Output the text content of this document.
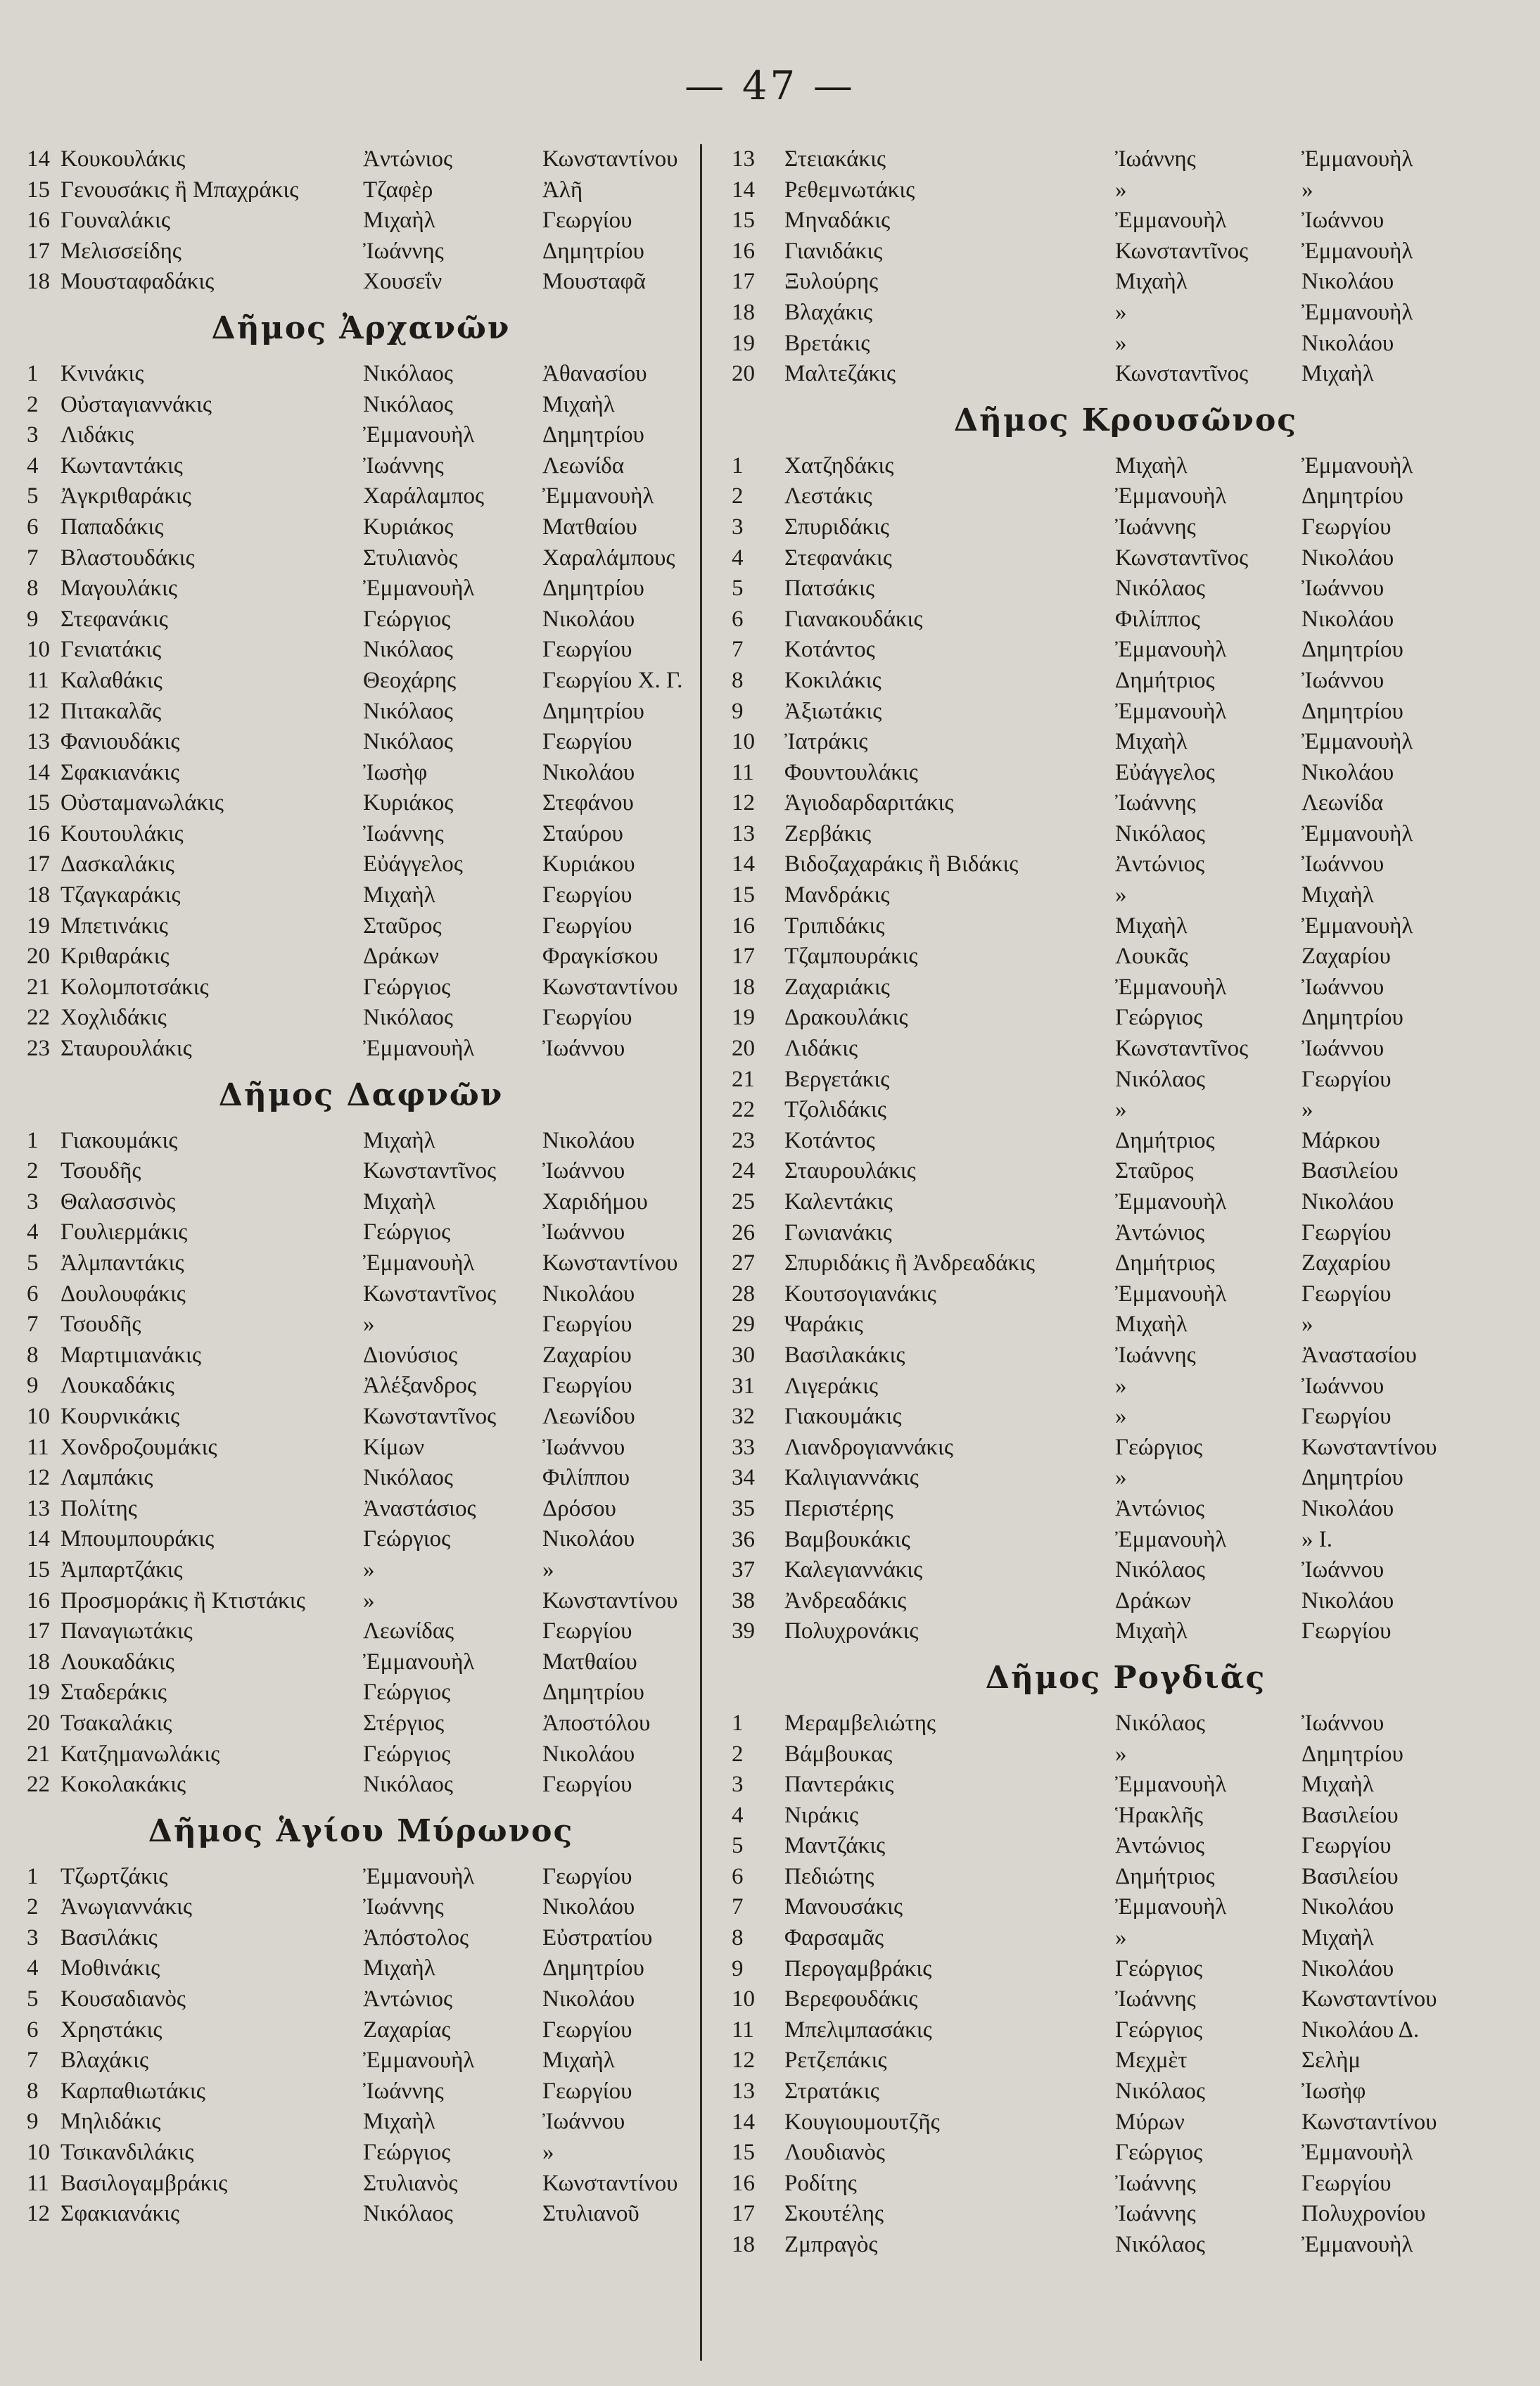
— 47 —
14 Κουκουλάκις	Ἀντώνιος	Κωνσταντίνου
15 Γενουσάκις ἢ Μπαχράκις	Τζαφὲρ	Ἀλῆ
16 Γουναλάκις	Μιχαὴλ	Γεωργίου
17 Μελισσείδης	Ἰωάννης	Δημητρίου
18 Μουσταφαδάκις	Χουσεΐν	Μουσταφᾶ
Δῆμος Ἀρχανῶν
1 Κνινάκις	Νικόλαος	Ἀθανασίου
2 Οὐσταγιαννάκις	Νικόλαος	Μιχαὴλ
3 Λιδάκις	Ἐμμανουὴλ	Δημητρίου
4 Κωνταντάκις	Ἰωάννης	Λεωνίδα
5 Ἀγκριθαράκις	Χαράλαμπος	Ἐμμανουὴλ
6 Παπαδάκις	Κυριάκος	Ματθαίου
7 Βλαστουδάκις	Στυλιανὸς	Χαραλάμπους
8 Μαγουλάκις	Ἐμμανουὴλ	Δημητρίου
9 Στεφανάκις	Γεώργιος	Νικολάου
10 Γενιατάκις	Νικόλαος	Γεωργίου
11 Καλαθάκις	Θεοχάρης	Γεωργίου Χ. Γ.
12 Πιτακαλᾶς	Νικόλαος	Δημητρίου
13 Φανιουδάκις	Νικόλαος	Γεωργίου
14 Σφακιανάκις	Ἰωσὴφ	Νικολάου
15 Οὐσταμανωλάκις	Κυριάκος	Στεφάνου
16 Κουτουλάκις	Ἰωάννης	Σταύρου
17 Δασκαλάκις	Εὐάγγελος	Κυριάκου
18 Τζαγκαράκις	Μιχαὴλ	Γεωργίου
19 Μπετινάκις	Σταῦρος	Γεωργίου
20 Κριθαράκις	Δράκων	Φραγκίσκου
21 Κολομποτσάκις	Γεώργιος	Κωνσταντίνου
22 Χοχλιδάκις	Νικόλαος	Γεωργίου
23 Σταυρουλάκις	Ἐμμανουὴλ	Ἰωάννου
Δῆμος Δαφνῶν
1 Γιακουμάκις	Μιχαὴλ	Νικολάου
2 Τσουδῆς	Κωνσταντῖνος	Ἰωάννου
3 Θαλασσινὸς	Μιχαὴλ	Χαριδήμου
4 Γουλιερμάκις	Γεώργιος	Ἰωάννου
5 Ἀλμπαντάκις	Ἐμμανουὴλ	Κωνσταντίνου
6 Δουλουφάκις	Κωνσταντῖνος	Νικολάου
7 Τσουδῆς	»	Γεωργίου
8 Μαρτιμιανάκις	Διονύσιος	Ζαχαρίου
9 Λουκαδάκις	Ἀλέξανδρος	Γεωργίου
10 Κουρνικάκις	Κωνσταντῖνος	Λεωνίδου
11 Χονδροζουμάκις	Κίμων	Ἰωάννου
12 Λαμπάκις	Νικόλαος	Φιλίππου
13 Πολίτης	Ἀναστάσιος	Δρόσου
14 Μπουμπουράκις	Γεώργιος	Νικολάου
15 Ἀμπαρτζάκις	»	»
16 Προσμοράκις ἢ Κτιστάκις	»	Κωνσταντίνου
17 Παναγιωτάκις	Λεωνίδας	Γεωργίου
18 Λουκαδάκις	Ἐμμανουὴλ	Ματθαίου
19 Σταδεράκις	Γεώργιος	Δημητρίου
20 Τσακαλάκις	Στέργιος	Ἀποστόλου
21 Κατζημανωλάκις	Γεώργιος	Νικολάου
22 Κοκολακάκις	Νικόλαος	Γεωργίου
Δῆμος Ἁγίου Μύρωνος
1 Τζωρτζάκις	Ἐμμανουὴλ	Γεωργίου
2 Ἀνωγιαννάκις	Ἰωάννης	Νικολάου
3 Βασιλάκις	Ἀπόστολος	Εὐστρατίου
4 Μοθινάκις	Μιχαὴλ	Δημητρίου
5 Κουσαδιανὸς	Ἀντώνιος	Νικολάου
6 Χρηστάκις	Ζαχαρίας	Γεωργίου
7 Βλαχάκις	Ἐμμανουὴλ	Μιχαὴλ
8 Καρπαθιωτάκις	Ἰωάννης	Γεωργίου
9 Μηλιδάκις	Μιχαὴλ	Ἰωάννου
10 Τσικανδιλάκις	Γεώργιος	»
11 Βασιλογαμβράκις	Στυλιανὸς	Κωνσταντίνου
12 Σφακιανάκις	Νικόλαος	Στυλιανοῦ
13	Στειακάκις	Ἰωάννης	Ἐμμανουὴλ
14	Ρεθεμνωτάκις	»	»
15	Μηναδάκις	Ἐμμανουὴλ	Ἰωάννου
16	Γιανιδάκις	Κωνσταντῖνος	Ἐμμανουὴλ
17	Ξυλούρης	Μιχαὴλ	Νικολάου
18	Βλαχάκις	»	Ἐμμανουὴλ
19	Βρετάκις	»	Νικολάου
20	Μαλτεζάκις	Κωνσταντῖνος	Μιχαὴλ
Δῆμος Κρουσῶνος
1	Χατζηδάκις	Μιχαὴλ	Ἐμμανουὴλ
2	Λεστάκις	Ἐμμανουὴλ	Δημητρίου
3	Σπυριδάκις	Ἰωάννης	Γεωργίου
4	Στεφανάκις	Κωνσταντῖνος	Νικολάου
5	Πατσάκις	Νικόλαος	Ἰωάννου
6	Γιανακουδάκις	Φιλίππος	Νικολάου
7	Κοτάντος	Ἐμμανουὴλ	Δημητρίου
8	Κοκιλάκις	Δημήτριος	Ἰωάννου
9	Ἀξιωτάκις	Ἐμμανουὴλ	Δημητρίου
10	Ἰατράκις	Μιχαὴλ	Ἐμμανουὴλ
11	Φουντουλάκις	Εὐάγγελος	Νικολάου
12	Ἁγιοδαρδαριτάκις	Ἰωάννης	Λεωνίδα
13	Ζερβάκις	Νικόλαος	Ἐμμανουὴλ
14	Βιδοζαχαράκις ἢ Βιδάκις	Ἀντώνιος	Ἰωάννου
15	Μανδράκις	»	Μιχαὴλ
16	Τριπιδάκις	Μιχαὴλ	Ἐμμανουὴλ
17	Τζαμπουράκις	Λουκᾶς	Ζαχαρίου
18	Ζαχαριάκις	Ἐμμανουὴλ	Ἰωάννου
19	Δρακουλάκις	Γεώργιος	Δημητρίου
20	Λιδάκις	Κωνσταντῖνος	Ἰωάννου
21	Βεργετάκις	Νικόλαος	Γεωργίου
22	Τζολιδάκις	»	»
23	Κοτάντος	Δημήτριος	Μάρκου
24	Σταυρουλάκις	Σταῦρος	Βασιλείου
25	Καλεντάκις	Ἐμμανουὴλ	Νικολάου
26	Γωνιανάκις	Ἀντώνιος	Γεωργίου
27	Σπυριδάκις ἢ Ἀνδρεαδάκις	Δημήτριος	Ζαχαρίου
28	Κουτσογιανάκις	Ἐμμανουὴλ	Γεωργίου
29	Ψαράκις	Μιχαὴλ	»
30	Βασιλακάκις	Ἰωάννης	Ἀναστασίου
31	Λιγεράκις	»	Ἰωάννου
32	Γιακουμάκις	»	Γεωργίου
33	Λιανδρογιαννάκις	Γεώργιος	Κωνσταντίνου
34	Καλιγιαννάκις	»	Δημητρίου
35	Περιστέρης	Ἀντώνιος	Νικολάου
36	Βαμβουκάκις	Ἐμμανουὴλ	» Ι.
37	Καλεγιαννάκις	Νικόλαος	Ἰωάννου
38	Ἀνδρεαδάκις	Δράκων	Νικολάου
39	Πολυχρονάκις	Μιχαὴλ	Γεωργίου
Δῆμος Ρογδιᾶς
1	Μεραμβελιώτης	Νικόλαος	Ἰωάννου
2	Βάμβουκας	»	Δημητρίου
3	Παντεράκις	Ἐμμανουὴλ	Μιχαὴλ
4	Νιράκις	Ἡρακλῆς	Βασιλείου
5	Μαντζάκις	Ἀντώνιος	Γεωργίου
6	Πεδιώτης	Δημήτριος	Βασιλείου
7	Μανουσάκις	Ἐμμανουὴλ	Νικολάου
8	Φαρσαμᾶς	»	Μιχαὴλ
9	Περογαμβράκις	Γεώργιος	Νικολάου
10	Βερεφουδάκις	Ἰωάννης	Κωνσταντίνου
11	Μπελιμπασάκις	Γεώργιος	Νικολάου Δ.
12	Ρετζεπάκις	Μεχμὲτ	Σελὴμ
13	Στρατάκις	Νικόλαος	Ἰωσὴφ
14	Κουγιουμουτζῆς	Μύρων	Κωνσταντίνου
15	Λουδιανὸς	Γεώργιος	Ἐμμανουὴλ
16	Ροδίτης	Ἰωάννης	Γεωργίου
17	Σκουτέλης	Ἰωάννης	Πολυχρονίου
18	Ζμπραγὸς	Νικόλαος	Ἐμμανουὴλ
